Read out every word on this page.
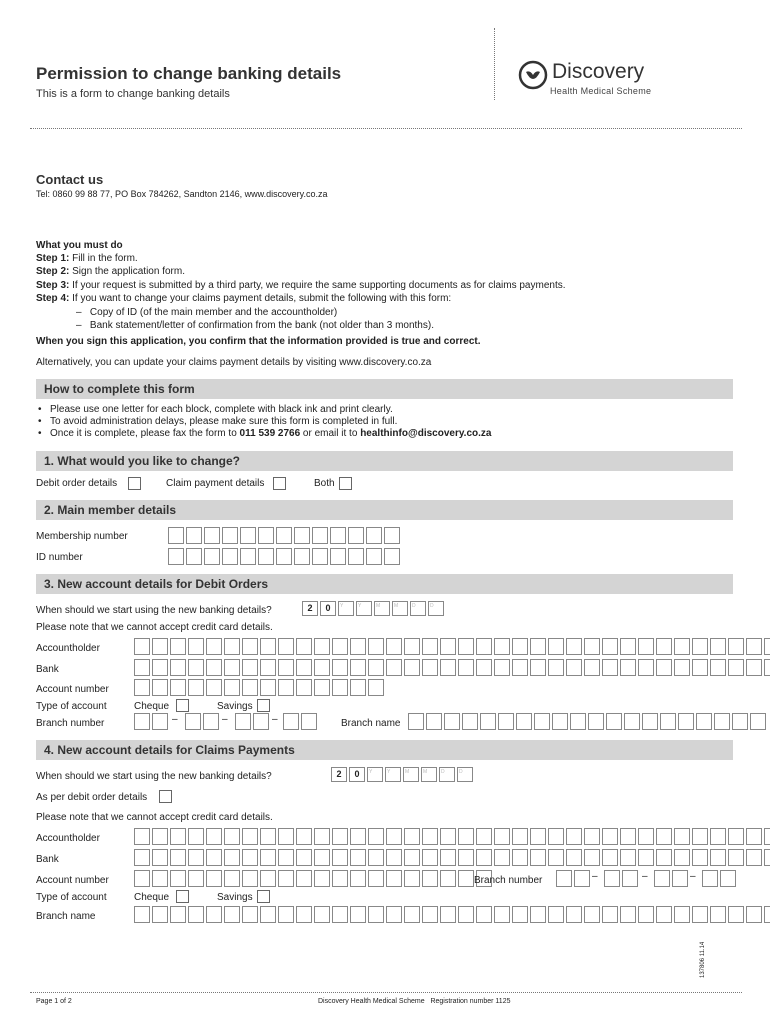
Permission to change banking details
This is a form to change banking details
Discovery
Health Medical Scheme
Contact us
Tel: 0860 99 88 77, PO Box 784262, Sandton 2146, www.discovery.co.za
What you must do
Step 1: Fill in the form.
Step 2: Sign the application form.
Step 3: If your request is submitted by a third party, we require the same supporting documents as for claims payments.
Step 4: If you want to change your claims payment details, submit the following with this form:
–   Copy of ID (of the main member and the accountholder)
–   Bank statement/letter of confirmation from the bank (not older than 3 months).
When you sign this application, you confirm that the information provided is true and correct.
Alternatively, you can update your claims payment details by visiting www.discovery.co.za
How to complete this form
• Please use one letter for each block, complete with black ink and print clearly.
• To avoid administration delays, please make sure this form is completed in full.
• Once it is complete, please fax the form to 011 539 2766 or email it to healthinfo@discovery.co.za
1. What would you like to change?
Debit order details	Claim payment details	Both
2. Main member details
Membership number
ID number
3. New account details for Debit Orders
When should we start using the new banking details?	2	0	Y	Y	M	M	D	D
Please note that we cannot accept credit card details.
Accountholder
Bank
Account number
Type of account	Cheque	Savings
Branch number	–	–	–	Branch name
4. New account details for Claims Payments
When should we start using the new banking details?	2	0	Y	Y	M	M	D	D
As per debit order details
Please note that we cannot accept credit card details.
Accountholder
Bank
Account number	Branch number	–	–	–
Type of account	Cheque	Savings
Branch name
Page 1 of 2	Discovery Health Medical Scheme Registration number 1125
137806 11.14
